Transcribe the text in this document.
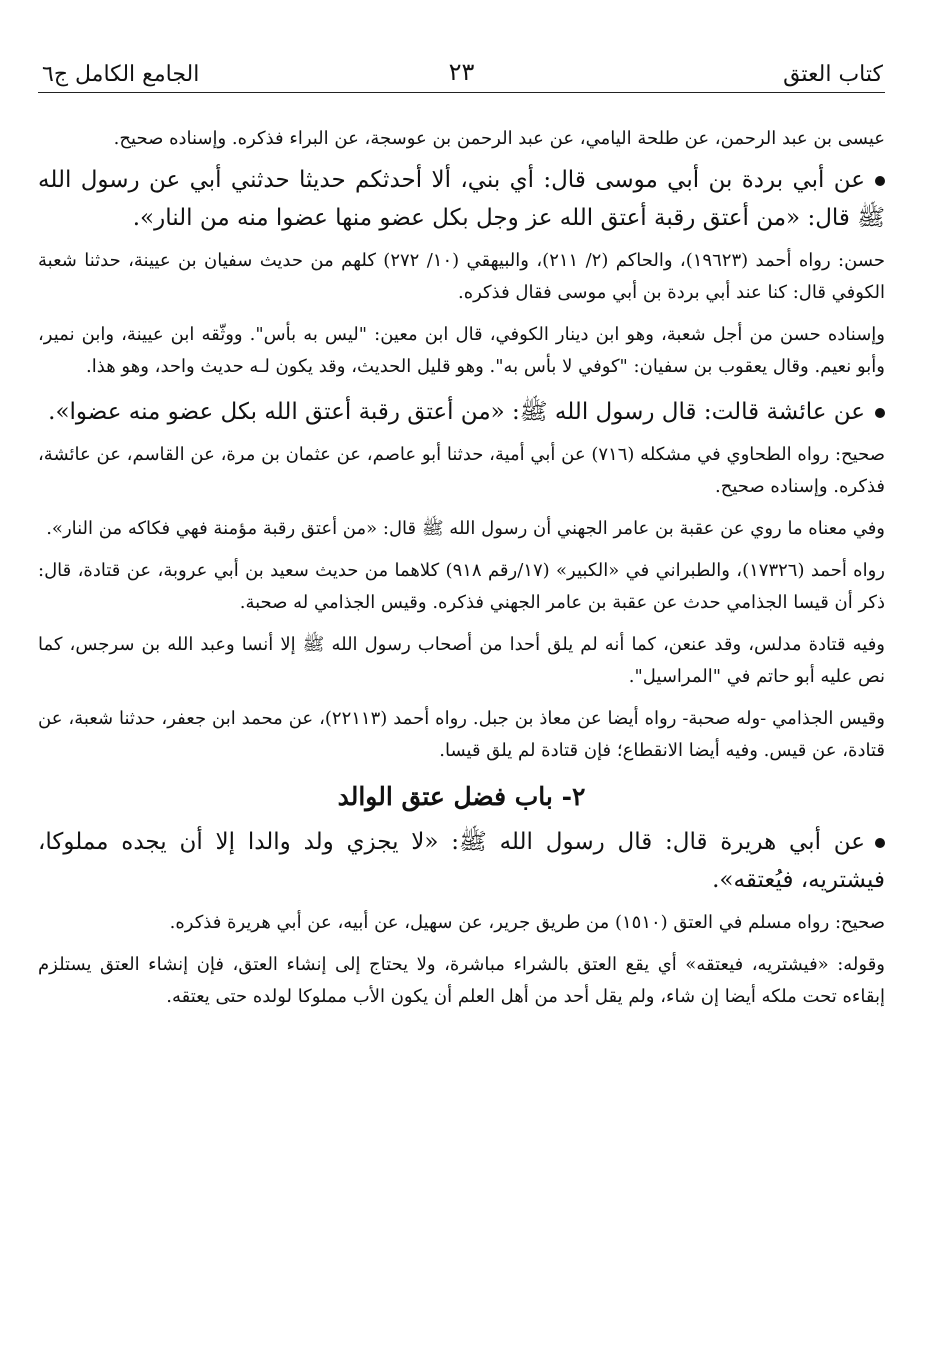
كتاب العتق
٢٣
الجامع الكامل ج٦

عيسى بن عبد الرحمن، عن طلحة اليامي، عن عبد الرحمن بن عوسجة، عن البراء فذكره. وإسناده صحيح.

عن أبي بردة بن أبي موسى قال: أي بني، ألا أحدثكم حديثا حدثني أبي عن رسول الله ﷺ قال: «من أعتق رقبة أعتق الله عز وجل بكل عضو منها عضوا منه من النار».

حسن: رواه أحمد (١٩٦٢٣)، والحاكم (٢/ ٢١١)، والبيهقي (١٠/ ٢٧٢) كلهم من حديث سفيان بن عيينة، حدثنا شعبة الكوفي قال: كنا عند أبي بردة بن أبي موسى فقال فذكره.

وإسناده حسن من أجل شعبة، وهو ابن دينار الكوفي، قال ابن معين: "ليس به بأس". ووثّقه ابن عيينة، وابن نمير، وأبو نعيم. وقال يعقوب بن سفيان: "كوفي لا بأس به". وهو قليل الحديث، وقد يكون لـه حديث واحد، وهو هذا.

عن عائشة قالت: قال رسول الله ﷺ: «من أعتق رقبة أعتق الله بكل عضو منه عضوا».

صحيح: رواه الطحاوي في مشكله (٧١٦) عن أبي أمية، حدثنا أبو عاصم، عن عثمان بن مرة، عن القاسم، عن عائشة، فذكره. وإسناده صحيح.

وفي معناه ما روي عن عقبة بن عامر الجهني أن رسول الله ﷺ قال: «من أعتق رقبة مؤمنة فهي فكاكه من النار».

رواه أحمد (١٧٣٢٦)، والطبراني في «الكبير» (١٧/رقم ٩١٨) كلاهما من حديث سعيد بن أبي عروبة، عن قتادة، قال: ذكر أن قيسا الجذامي حدث عن عقبة بن عامر الجهني فذكره. وقيس الجذامي له صحبة.

وفيه قتادة مدلس، وقد عنعن، كما أنه لم يلق أحدا من أصحاب رسول الله ﷺ إلا أنسا وعبد الله بن سرجس، كما نص عليه أبو حاتم في "المراسيل".

وقيس الجذامي -وله صحبة- رواه أيضا عن معاذ بن جبل. رواه أحمد (٢٢١١٣)، عن محمد ابن جعفر، حدثنا شعبة، عن قتادة، عن قيس. وفيه أيضا الانقطاع؛ فإن قتادة لم يلق قيسا.

٢- باب فضل عتق الوالد

عن أبي هريرة قال: قال رسول الله ﷺ: «لا يجزي ولد والدا إلا أن يجده مملوكا، فيشتريه، فيُعتقه».

صحيح: رواه مسلم في العتق (١٥١٠) من طريق جرير، عن سهيل، عن أبيه، عن أبي هريرة فذكره.

وقوله: «فيشتريه، فيعتقه» أي يقع العتق بالشراء مباشرة، ولا يحتاج إلى إنشاء العتق، فإن إنشاء العتق يستلزم إبقاءه تحت ملكه أيضا إن شاء، ولم يقل أحد من أهل العلم أن يكون الأب مملوكا لولده حتى يعتقه.
